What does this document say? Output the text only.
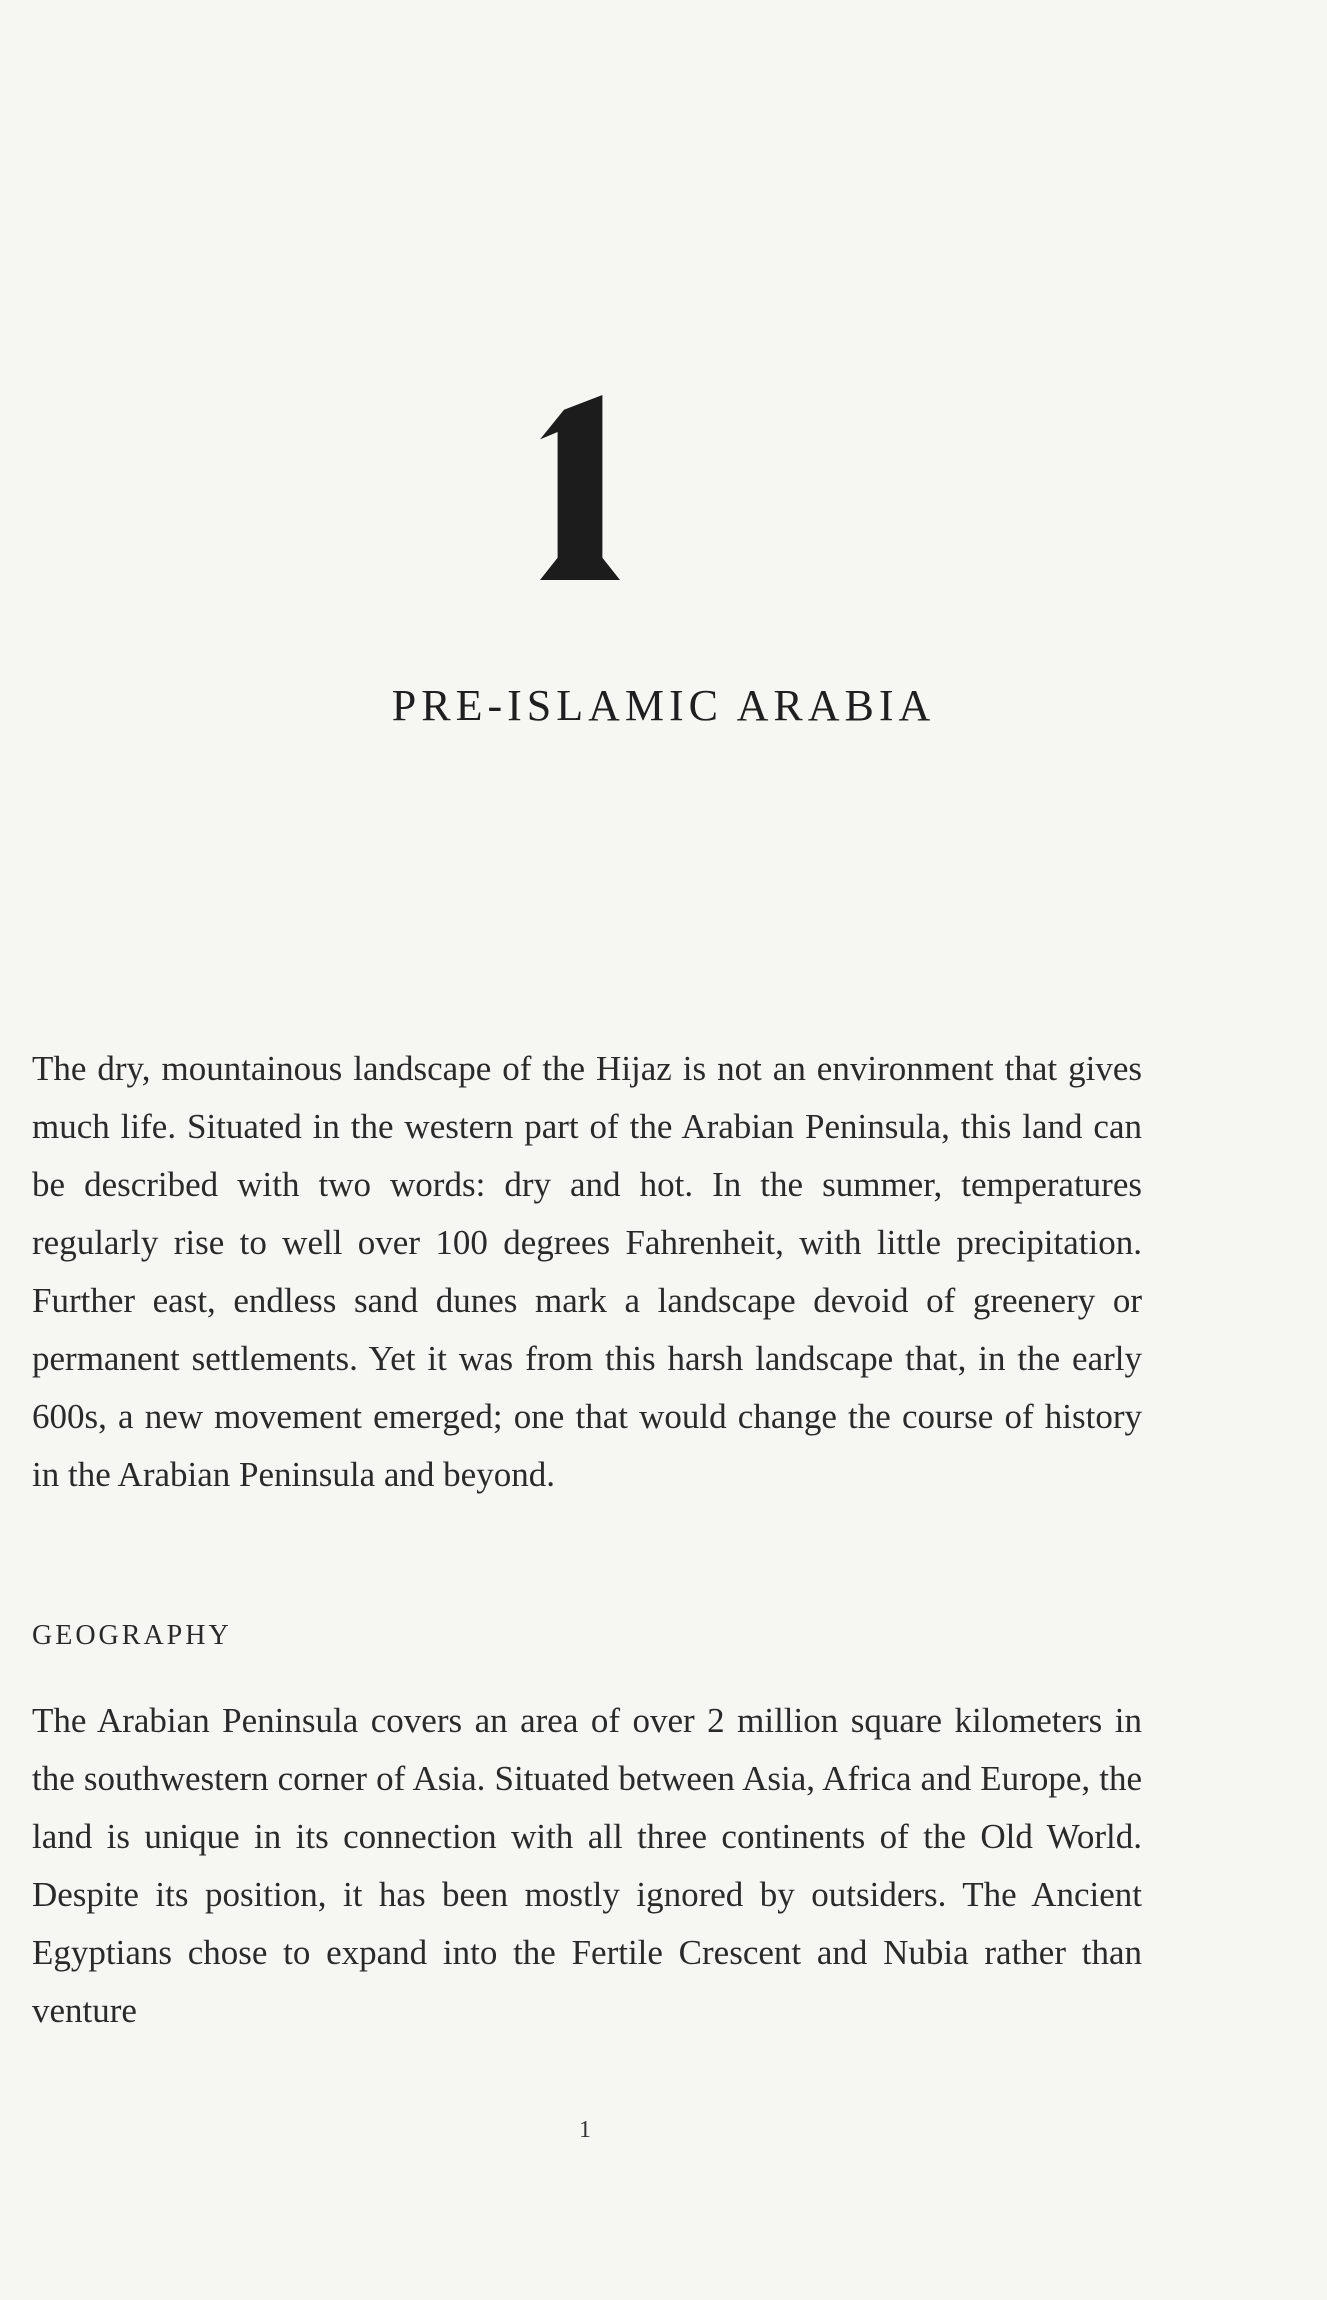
PRE-ISLAMIC ARABIA

The dry, mountainous landscape of the Hijaz is not an environment that gives much life. Situated in the western part of the Arabian Peninsula, this land can be described with two words: dry and hot. In the summer, temperatures regularly rise to well over 100 degrees Fahrenheit, with little precipitation. Further east, endless sand dunes mark a landscape devoid of greenery or permanent settlements. Yet it was from this harsh landscape that, in the early 600s, a new movement emerged; one that would change the course of history in the Arabian Peninsula and beyond.

GEOGRAPHY

The Arabian Peninsula covers an area of over 2 million square kilometers in the southwestern corner of Asia. Situated between Asia, Africa and Europe, the land is unique in its connection with all three continents of the Old World. Despite its position, it has been mostly ignored by outsiders. The Ancient Egyptians chose to expand into the Fertile Crescent and Nubia rather than venture

1
